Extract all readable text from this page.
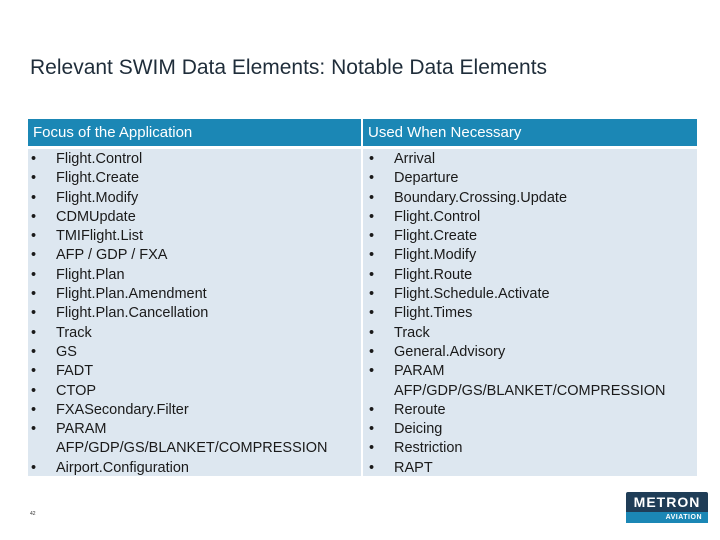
Relevant SWIM Data Elements: Notable Data Elements
Focus of the Application	Used When Necessary
• Flight.Control
• Flight.Create
• Flight.Modify
• CDMUpdate
• TMIFlight.List
• AFP / GDP / FXA
• Flight.Plan
• Flight.Plan.Amendment
• Flight.Plan.Cancellation
• Track
• GS
• FADT
• CTOP
• FXASecondary.Filter
• PARAM AFP/GDP/GS/BLANKET/COMPRESSION
• Airport.Configuration
• Arrival
• Departure
• Boundary.Crossing.Update
• Flight.Control
• Flight.Create
• Flight.Modify
• Flight.Route
• Flight.Schedule.Activate
• Flight.Times
• Track
• General.Advisory
• PARAM AFP/GDP/GS/BLANKET/COMPRESSION
• Reroute
• Deicing
• Restriction
• RAPT
42
METRON
AVIATION
